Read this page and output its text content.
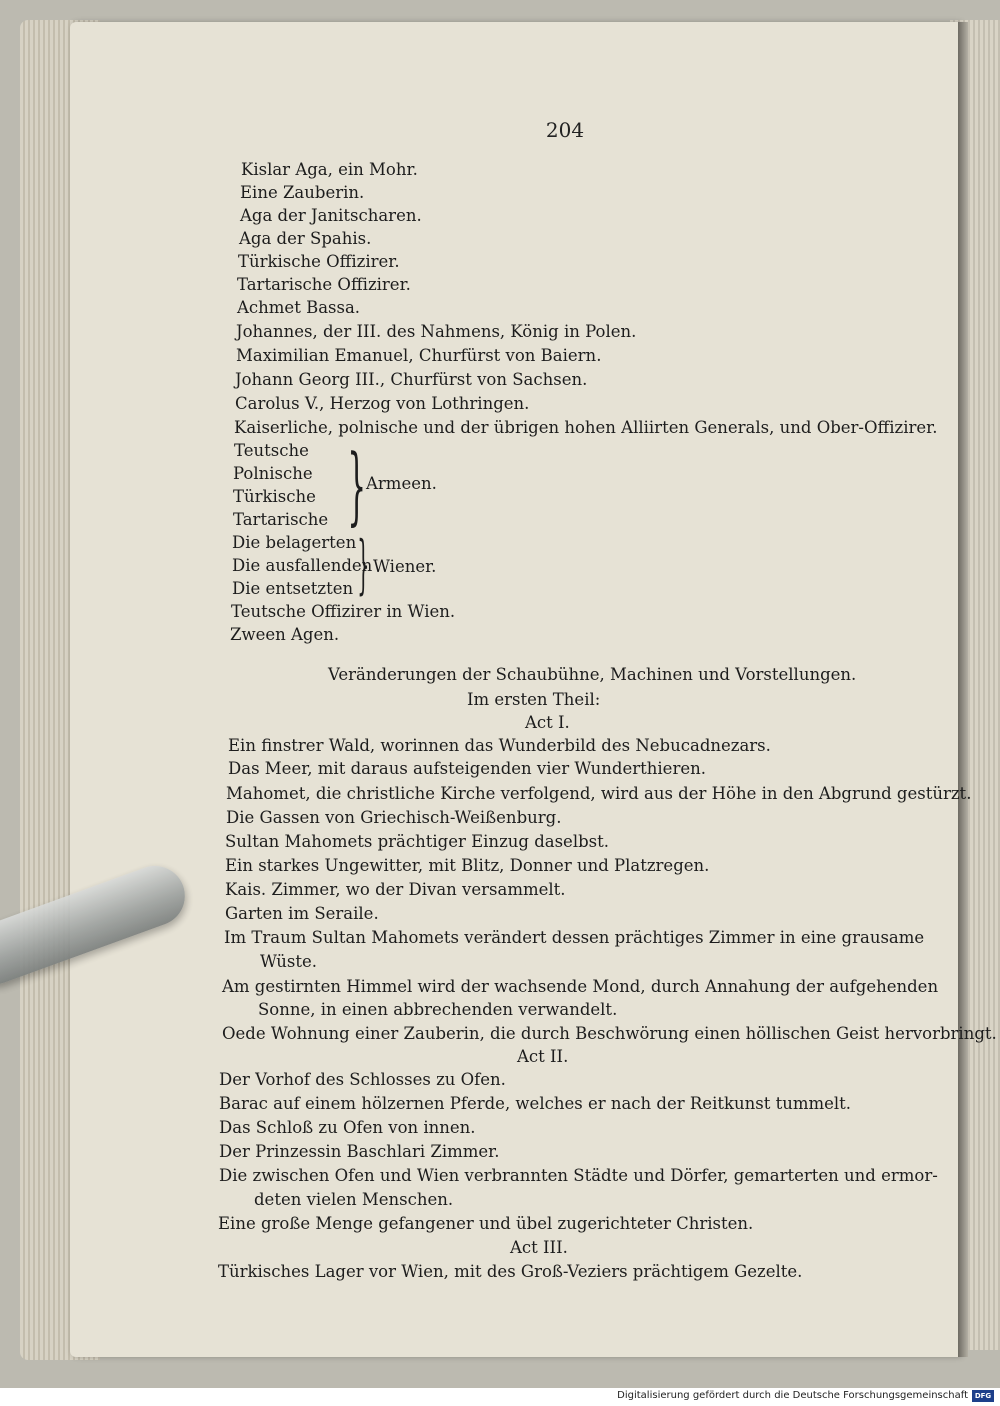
204
Kislar Aga, ein Mohr.
Eine Zauberin.
Aga der Janitscharen.
Aga der Spahis.
Türkische Offizirer.
Tartarische Offizirer.
Achmet Bassa.
Johannes, der III. des Nahmens, König in Polen.
Maximilian Emanuel, Churfürst von Baiern.
Johann Georg III., Churfürst von Sachsen.
Carolus V., Herzog von Lothringen.
Kaiserliche, polnische und der übrigen hohen Alliirten Generals, und Ober-Offizirer.
Teutsche
Polnische
Türkische
Tartarische } Armeen.
Die belagerten
Die ausfallenden
Die entsetzten } Wiener.
Teutsche Offizirer in Wien.
Zween Agen.
Veränderungen der Schaubühne, Machinen und Vorstellungen.
Im ersten Theil:
Act I.
Ein finstrer Wald, worinnen das Wunderbild des Nebucadnezars.
Das Meer, mit daraus aufsteigenden vier Wunderthieren.
Mahomet, die christliche Kirche verfolgend, wird aus der Höhe in den Abgrund gestürzt.
Die Gassen von Griechisch-Weißenburg.
Sultan Mahomets prächtiger Einzug daselbst.
Ein starkes Ungewitter, mit Blitz, Donner und Platzregen.
Kais. Zimmer, wo der Divan versammelt.
Garten im Seraile.
Im Traum Sultan Mahomets verändert dessen prächtiges Zimmer in eine grausame
Wüste.
Am gestirnten Himmel wird der wachsende Mond, durch Annahung der aufgehenden
Sonne, in einen abbrechenden verwandelt.
Oede Wohnung einer Zauberin, die durch Beschwörung einen höllischen Geist hervorbringt.
Act II.
Der Vorhof des Schlosses zu Ofen.
Barac auf einem hölzernen Pferde, welches er nach der Reitkunst tummelt.
Das Schloß zu Ofen von innen.
Der Prinzessin Baschlari Zimmer.
Die zwischen Ofen und Wien verbrannten Städte und Dörfer, gemarterten und ermor-
deten vielen Menschen.
Eine große Menge gefangener und übel zugerichteter Christen.
Act III.
Türkisches Lager vor Wien, mit des Groß-Veziers prächtigem Gezelte.
Digitalisierung gefördert durch die Deutsche Forschungsgemeinschaft DFG
